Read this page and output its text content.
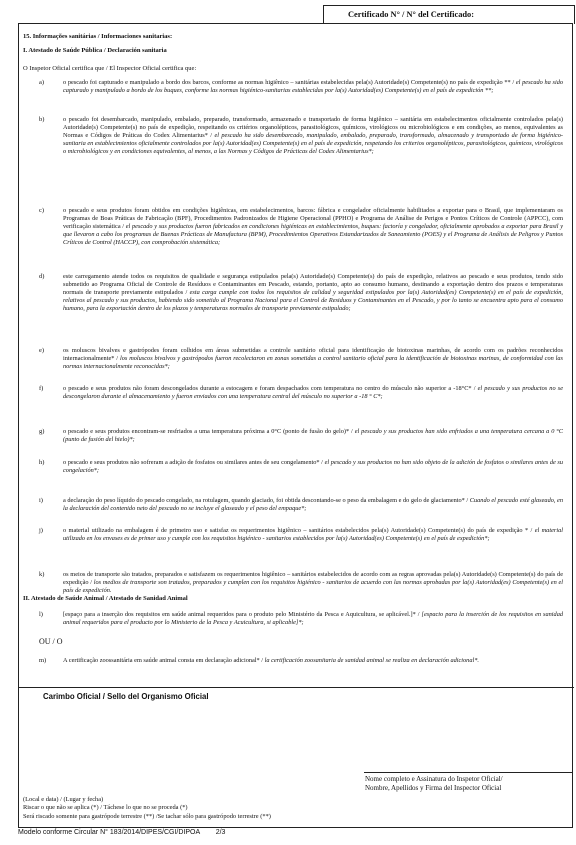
Certificado N° / N° del Certificado:
15. Informações sanitárias / Informaciones sanitarias:
I. Atestado de Saúde Pública / Declaración sanitaria
O Inspetor Oficial certifica que / El Inspector Oficial certifica que:
a)	o pescado foi capturado e manipulado a bordo dos barcos, conforme as normas higiênico – sanitárias estabelecidas pela(s) Autoridade(s) Competente(s) no país de expedição ** / el pescado ha sido capturado y manipulado a bordo de los buques, conforme las normas higiénico-sanitarias establecidas por la(s) Autoridad(es) Competente(s) en el país de expedición **;
b)	o pescado foi desembarcado, manipulado, embalado, preparado, transformado, armazenado e transportado de forma higiênico – sanitária em estabelecimentos oficialmente controlados pela(s) Autoridade(s) Competente(s) no país de expedição, respeitando os critérios organolépticos, parasitológicos, químicos, virológicos ou microbiológicos e em condições, ao menos, equivalentes as Normas e Códigos de Práticas do Codex Alimentarius* / el pescado ha sido desembarcado, manipulado, embalado, preparado, transformado, almacenado y transportado de forma higiénico-sanitaria en establecimientos oficialmente controlados por la(s) Autoridad(es) Competente(s) en el país de expedición, respetando los criterios organolépticos, parasitológicos, químicos, virológicos o microbiológicos y en condiciones equivalentes, al menos, a las Normas y Códigos de Prácticas del Codex Alimentarius*;
c)	o pescado e seus produtos foram obtidos em condições higiênicas, em estabelecimentos, barcos: fábrica e congelador oficialmente habilitados a exportar para o Brasil, que implementaram os Programas de Boas Práticas de Fabricação (BPF), Procedimentos Padronizados de Higiene Operacional (PPHO) e Programa de Análise de Perigos e Pontos Críticos de Controle (APPCC), com verificação sistemática / el pescado y sus productos fueron fabricados en condiciones higiénicas en establecimientos, buques: factoría y congelador, oficialmente aprobados a exportar para Brasil y que llevaron a cabo los programas de Buenas Prácticas de Manufactura (BPM), Procedimientos Operativos Estandarizados de Saneamiento (POES) y el Programa de Análisis de Peligros y Puntos Críticos de Control (HACCP), con comprobación sistemática;
d)	este carregamento atende todos os requisitos de qualidade e segurança estipulados pela(s) Autoridade(s) Competente(s) do país de expedição, relativos ao pescado e seus produtos, tendo sido submetido ao Programa Oficial de Controle de Resíduos e Contaminantes em Pescado, estando, portanto, apto ao consumo humano, destinando a exportação dentro dos prazos e temperaturas normais de transporte previamente estipulados / esta carga cumple con todos los requisitos de calidad y seguridad estipulados por la(s) Autoridad(es) Competente(s) en el país de expedición, relativos al pescado y sus productos, habiendo sido sometido al Programa Nacional para el Control de Residuos y Contaminantes en el Pescado, y por lo tanto se encuentra apto para el consumo humano, para la exportación dentro de los plazos y temperaturas normales de transporte previamente estipulado;
e)	os moluscos bivalves e gastrópodes foram colhidos em áreas submetidas a controle sanitário oficial para identificação de biotoxinas marinhas, de acordo com os padrões reconhecidos internacionalmente* / los moluscos bivalvos y gastrópodos fueron recolectaron en zonas sometidas a control sanitario oficial para la identificación de biotoxinas marinas, de conformidad con las normas internacionalmente reconocidas*;
f)	o pescado e seus produtos não foram descongelados durante a estocagem e foram despachados com temperatura no centro do músculo não superior a -18°C* / el pescado y sus productos no se descongelaron durante el almacenamiento y fueron enviados con una temperatura central del músculo no superior a -18 ° C*;
g)	o pescado e seus produtos encontram-se resfriados a uma temperatura próxima a 0°C (ponto de fusão do gelo)* / el pescado y sus productos han sido enfriados a una temperatura cercana a 0 °C (punto de fusión del hielo)*;
h)	o pescado e seus produtos não sofreram a adição de fosfatos ou similares antes de seu congelamento* / el pescado y sus productos no han sido objeto de la adición de fosfatos o similares antes de su congelación*;
i)	a declaração do peso líquido do pescado congelado, na rotulagem, quando glaciado, foi obtida descontando-se o peso da embalagem e do gelo de glaciamento* / Cuando el pescado esté glaseado, en la declaración del contenido neto del pescado no se incluye el glaseado y el peso del empaque*;
j)	o material utilizado na embalagem é de primeiro uso e satisfaz os requerimentos higiênico – sanitários estabelecidos pela(s) Autoridade(s) Competente(s) do país de expedição * / el material utilizado en los envases es de primer uso y cumple con los requisitos higiénico - sanitarios establecidos por la(s) Autoridad(es) Competente(s) en el país de expedición*;
k)	os meios de transporte são tratados, preparados e satisfazem os requerimentos higiênico – sanitários estabelecidos de acordo com as regras aprovadas pela(s) Autoridade(s) Competente(s) do país de expedição / los medios de transporte son tratados, preparados y cumplen con los requisitos higiénico - sanitarios de acuerdo con las normas aprobadas por la(s) Autoridad(es) Competente(s) en el país de expedición.
II. Atestado de Saúde Animal / Atestado de Sanidad Animal
l)	[espaço para a inserção dos requisitos em saúde animal requeridos para o produto pelo Ministério da Pesca e Aquicultura, se aplicável.]* / [espacio para la inserción de los requisitos en sanidad animal requeridos para el producto por lo Ministerio de la Pesca y Acuicultura, si aplicable]*;
OU / O
m)	A certificação zoossanitária em saúde animal consta em declaração adicional* / la certificación zoosanitaria de sanidad animal se realiza en declaración adicional*.
Carimbo Oficial / Sello del Organismo Oficial
Nome completo e Assinatura do Inspetor Oficial/
Nombre, Apellidos y Firma del Inspector Oficial
(Local e data) / (Lugar y fecha)
Riscar o que não se aplica (*) / Táchese lo que no se proceda (*)
Será riscado somente para gastrópode terrestre (**) /Se tachar sólo para gastrópodo terrestre (**)
Modelo conforme Circular N° 183/2014/DIPES/CGI/DIPOA 2/3
